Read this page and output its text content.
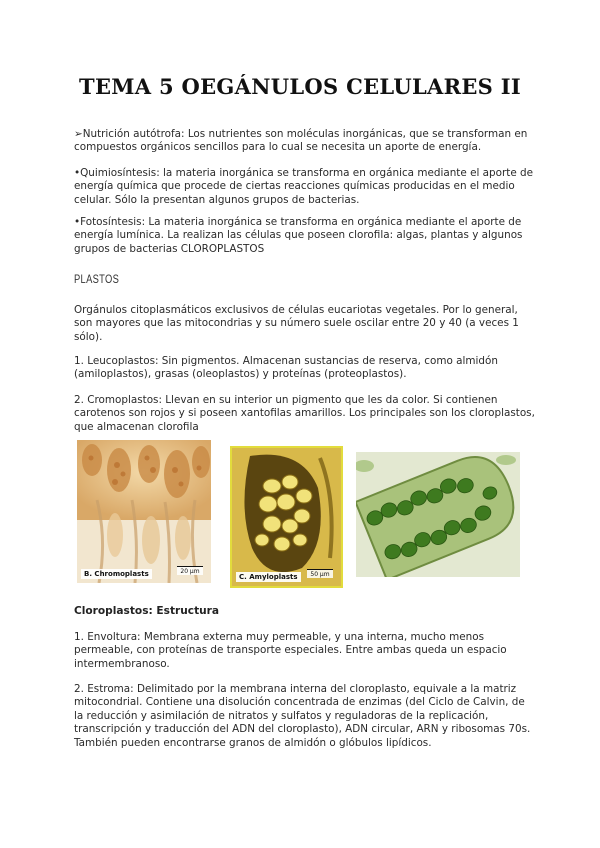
TEMA 5 OEGÁNULOS CELULARES II
➢Nutrición autótrofa: Los nutrientes son moléculas inorgánicas, que se transforman en compuestos orgánicos sencillos para lo cual se necesita un aporte de energía.
•Quimiosíntesis: la materia inorgánica se transforma en orgánica mediante el aporte de energía química que procede de ciertas reacciones químicas producidas en el medio celular. Sólo la presentan algunos grupos de bacterias.
•Fotosíntesis: La materia inorgánica se transforma en orgánica mediante el aporte de energía lumínica. La realizan las células que poseen clorofila: algas, plantas y algunos grupos de bacterias CLOROPLASTOS
PLASTOS
Orgánulos citoplasmáticos exclusivos de células eucariotas vegetales. Por lo general, son mayores que las mitocondrias y su número suele oscilar entre 20 y 40 (a veces 1 sólo).
1. Leucoplastos: Sin pigmentos. Almacenan sustancias de reserva, como almidón (amiloplastos), grasas (oleoplastos) y proteínas (proteoplastos).
2. Cromoplastos: Llevan en su interior un pigmento que les da color. Si contienen carotenos son rojos y si poseen xantofilas amarillos. Los principales son los cloroplastos, que almacenan clorofila
B. Chromoplasts	20 µm
C. Amyloplasts	50 µm
Cloroplastos: Estructura
1. Envoltura: Membrana externa muy permeable, y una interna, mucho menos permeable, con proteínas de transporte especiales. Entre ambas queda un espacio intermembranoso.
2. Estroma: Delimitado por la membrana interna del cloroplasto, equivale a la matriz mitocondrial. Contiene una disolución concentrada de enzimas (del Ciclo de Calvin, de la reducción y asimilación de nitratos y sulfatos y reguladoras de la replicación, transcripción y traducción del ADN del cloroplasto), ADN circular, ARN y ribosomas 70s. También pueden encontrarse granos de almidón o glóbulos lipídicos.
